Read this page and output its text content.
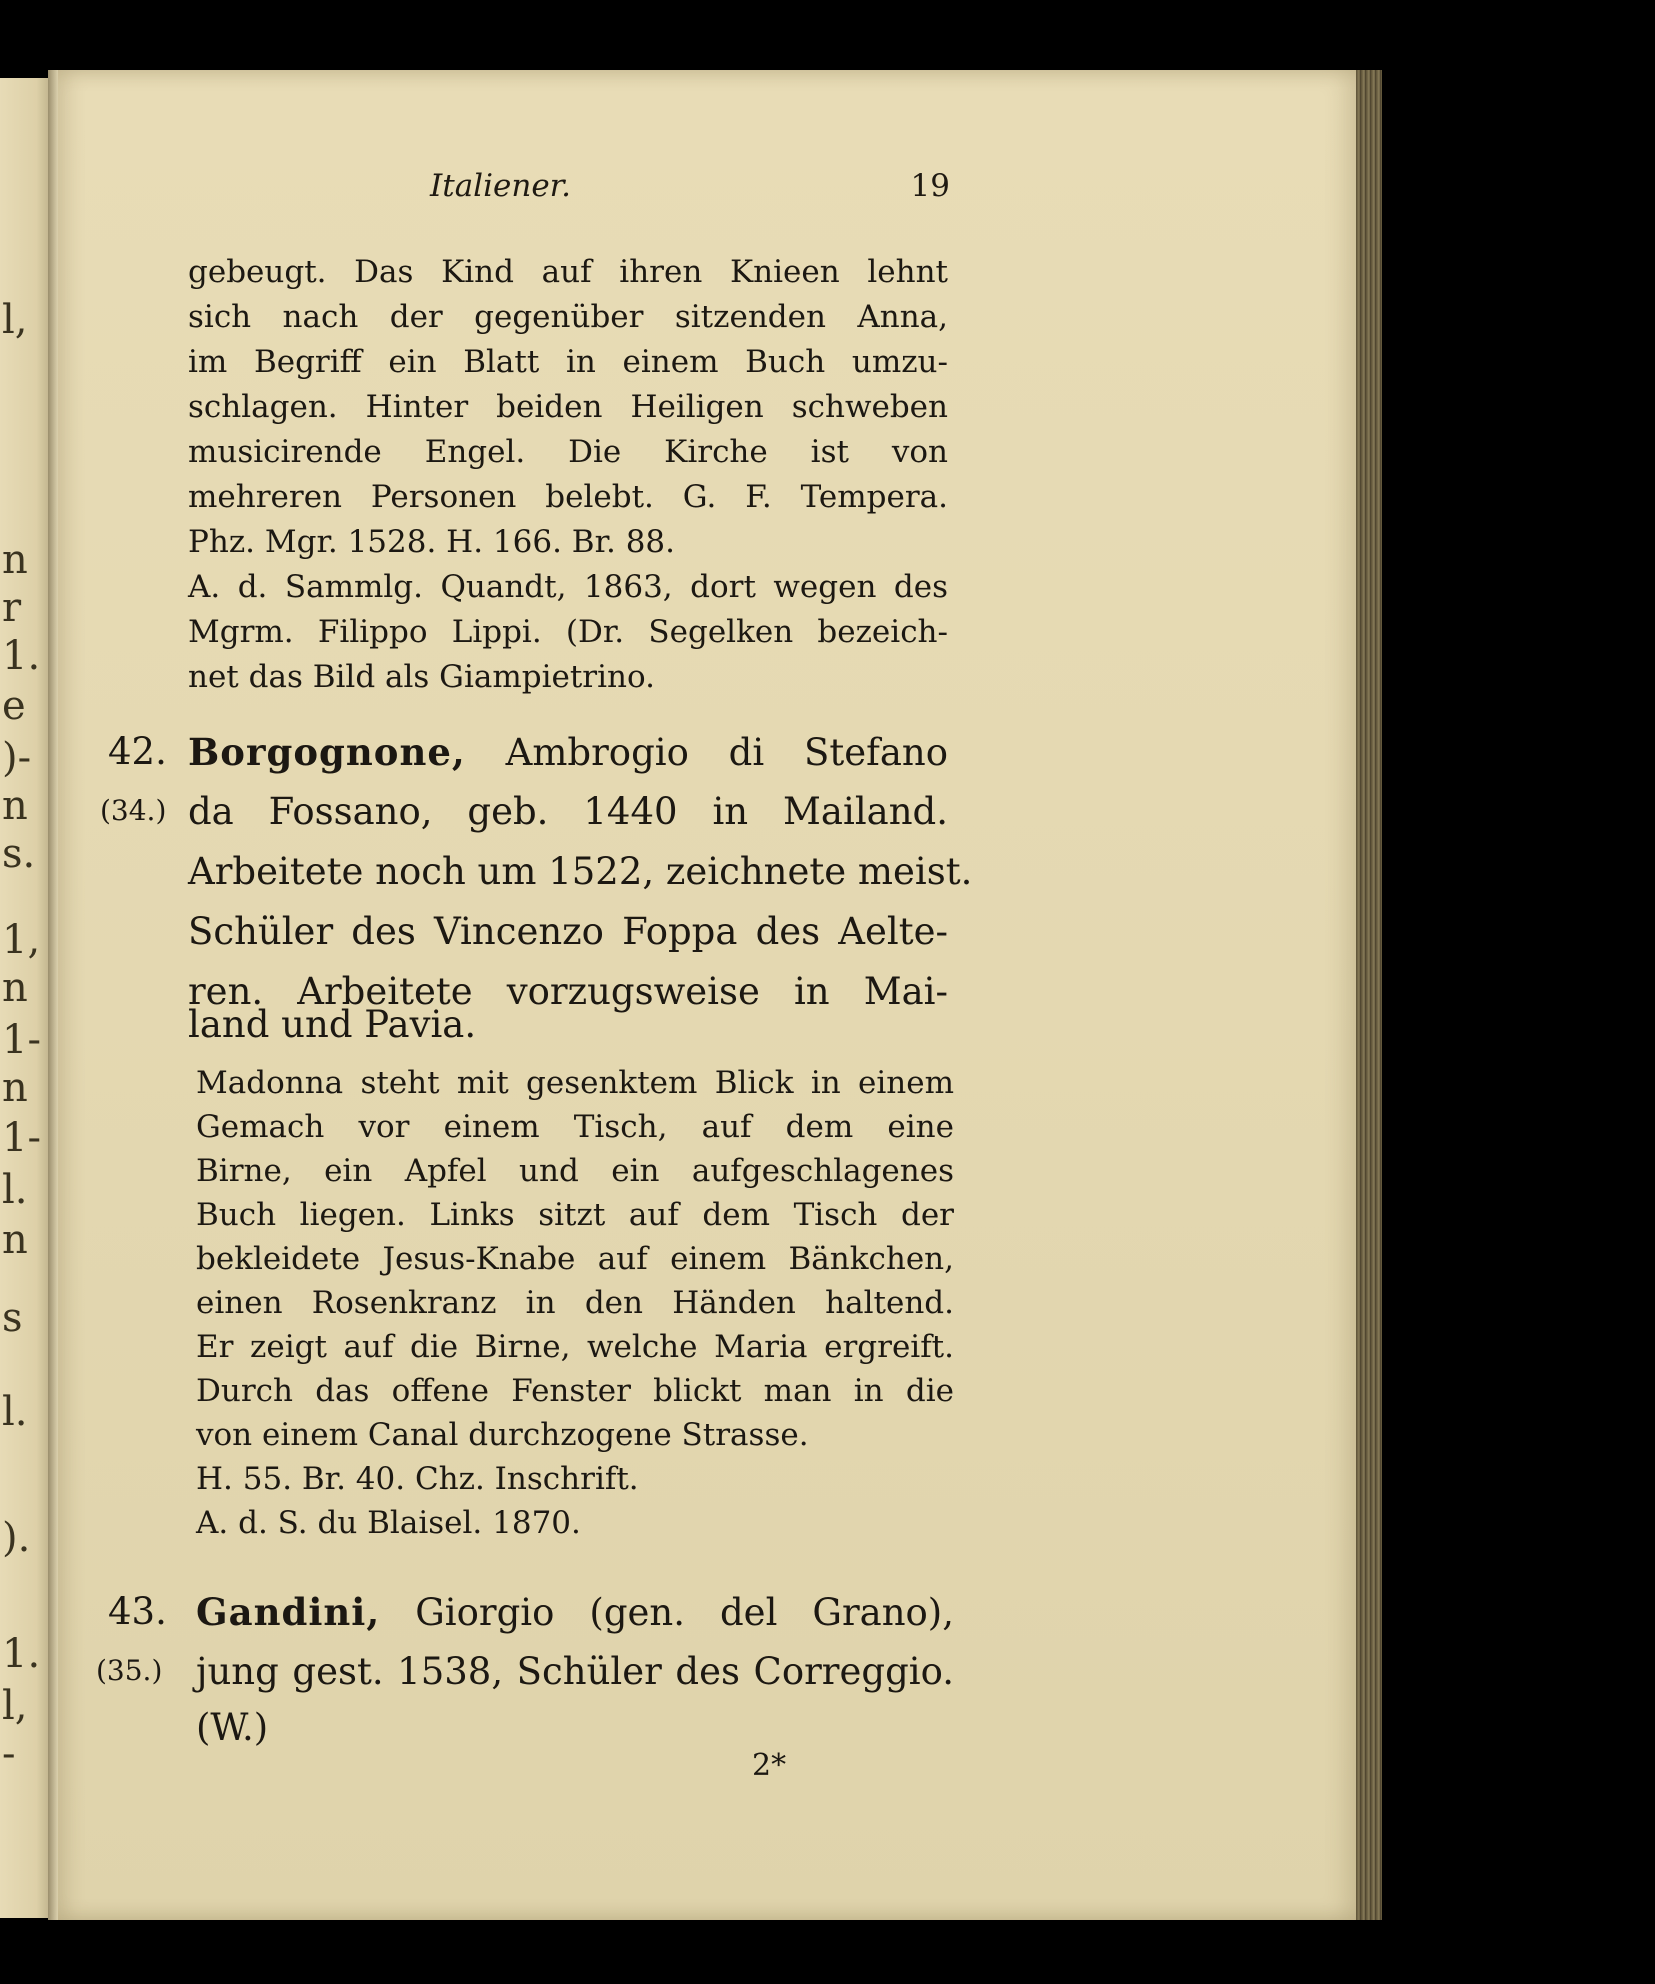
l,
n
r
1.
e
)-
n
s.
1,
n
1-
n
1-
l.
n
s
l.
).
1.
l,
-
Italiener.	19
gebeugt. Das Kind auf ihren Knieen lehnt
sich nach der gegenüber sitzenden Anna,
im Begriff ein Blatt in einem Buch umzu-
schlagen. Hinter beiden Heiligen schweben
musicirende Engel. Die Kirche ist von
mehreren Personen belebt. G. F. Tempera.
Phz. Mgr. 1528. H. 166. Br. 88.
A. d. Sammlg. Quandt, 1863, dort wegen des
Mgrm. Filippo Lippi. (Dr. Segelken bezeich-
net das Bild als Giampietrino.
42.
(34.)
Borgognone, Ambrogio di Stefano
da Fossano, geb. 1440 in Mailand.
Arbeitete noch um 1522, zeichnete meist.
Schüler des Vincenzo Foppa des Aelte-
ren. Arbeitete vorzugsweise in Mai-
land und Pavia.
Madonna steht mit gesenktem Blick in einem
Gemach vor einem Tisch, auf dem eine
Birne, ein Apfel und ein aufgeschlagenes
Buch liegen. Links sitzt auf dem Tisch der
bekleidete Jesus-Knabe auf einem Bänkchen,
einen Rosenkranz in den Händen haltend.
Er zeigt auf die Birne, welche Maria ergreift.
Durch das offene Fenster blickt man in die
von einem Canal durchzogene Strasse.
H. 55. Br. 40. Chz. Inschrift.
A. d. S. du Blaisel. 1870.
43.
(35.)
Gandini, Giorgio (gen. del Grano),
jung gest. 1538, Schüler des Correggio.
(W.)
2*
